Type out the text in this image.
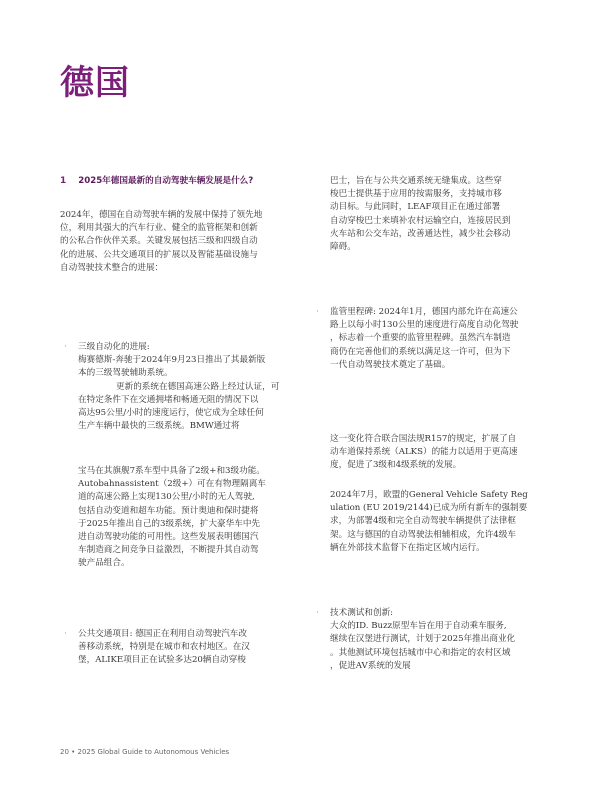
德国
1 2025年德国最新的自动驾驶车辆发展是什么?
2024年，德国在自动驾驶车辆的发展中保持了领先地
位，利用其强大的汽车行业、健全的监管框架和创新
的公私合作伙伴关系。关键发展包括三级和四级自动
化的进展、公共交通项目的扩展以及智能基础设施与
自动驾驶技术整合的进展：
· 三级自动化的进展:
梅赛德斯-奔驰于2024年9月23日推出了其最新版
本的三级驾驶辅助系统。
更新的系统在德国高速公路上经过认证，可
在特定条件下在交通拥堵和畅通无阻的情况下以
高达95公里/小时的速度运行，使它成为全球任何
生产车辆中最快的三级系统。BMW通过将
宝马在其旗舰7系车型中具备了2级+和3级功能。
Autobahnassistent（2级+）可在有物理隔离车
道的高速公路上实现130公里/小时的无人驾驶,
包括自动变道和超车功能。预计奥迪和保时捷将
于2025年推出自己的3级系统，扩大豪华车中先
进自动驾驶功能的可用性。这些发展表明德国汽
车制造商之间竞争日益激烈，不断提升其自动驾
驶产品组合。
· 公共交通项目: 德国正在利用自动驾驶汽车改
善移动系统，特别是在城市和农村地区。在汉
堡，ALIKE项目正在试验多达20辆自动穿梭
巴士，旨在与公共交通系统无缝集成。这些穿
梭巴士提供基于应用的按需服务，支持城市移
动目标。与此同时，LEAF项目正在通过部署
自动穿梭巴士来填补农村运输空白，连接居民到
火车站和公交车站，改善通达性，减少社会移动
障碍。
· 监管里程碑: 2024年1月，德国内部允许在高速公
路上以每小时130公里的速度进行高度自动化驾驶
，标志着一个重要的监管里程碑。虽然汽车制造
商仍在完善他们的系统以满足这一许可，但为下
一代自动驾驶技术奠定了基础。
这一变化符合联合国法规R157的规定，扩展了自
动车道保持系统（ALKS）的能力以适用于更高速
度，促进了3级和4级系统的发展。
2024年7月，欧盟的General Vehicle Safety Reg
ulation (EU 2019/2144)已成为所有新车的强制要
求，为部署4级和完全自动驾驶车辆提供了法律框
架。这与德国的自动驾驶法相辅相成，允许4级车
辆在外部技术监督下在指定区域内运行。
· 技术测试和创新:
大众的ID. Buzz原型车旨在用于自动乘车服务,
继续在汉堡进行测试，计划于2025年推出商业化
。其他测试环境包括城市中心和指定的农村区域
，促进AV系统的发展
20 • 2025 Global Guide to Autonomous Vehicles
